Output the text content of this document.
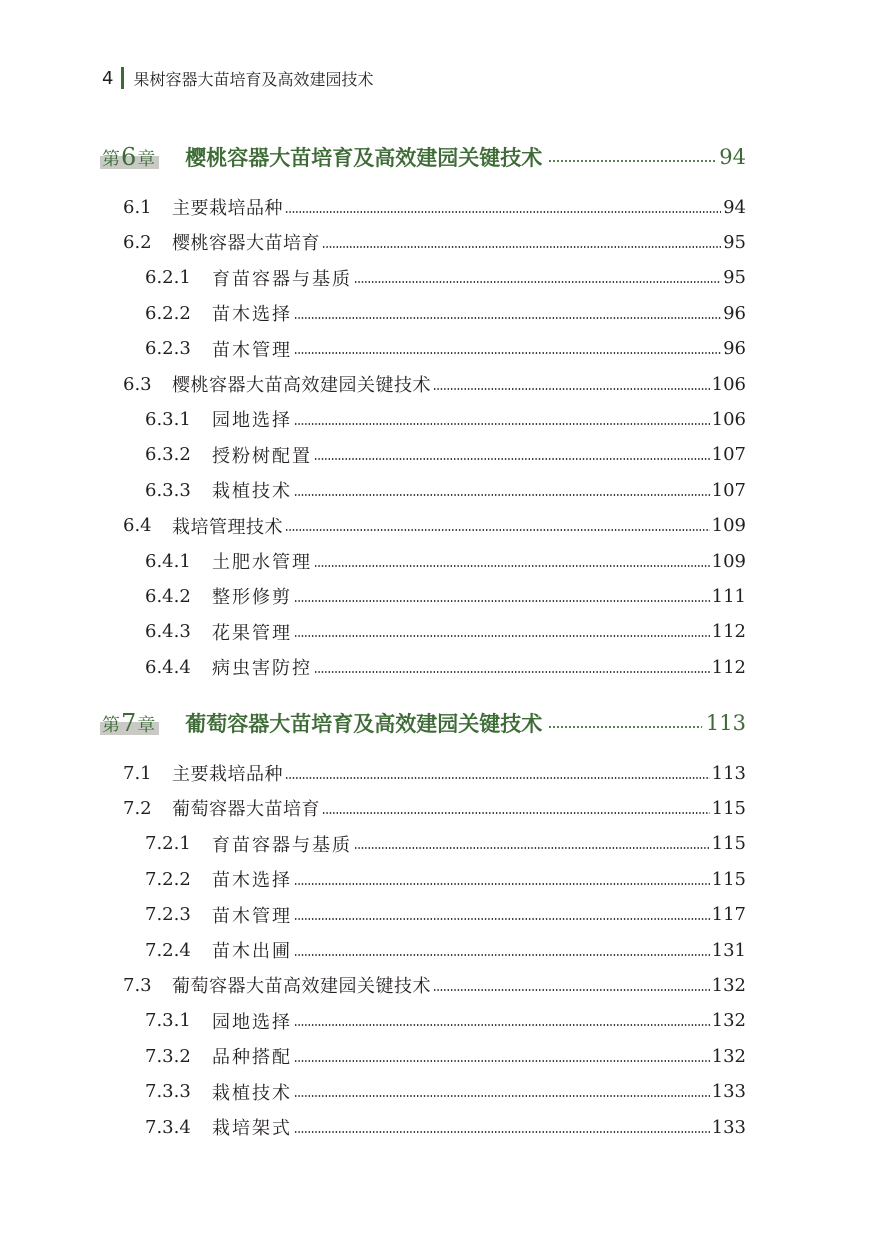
4 果树容器大苗培育及高效建园技术
第 6 章 樱桃容器大苗培育及高效建园关键技术	94
6.1	主要栽培品种	94
6.2	樱桃容器大苗培育	95
6.2.1	育苗容器与基质	95
6.2.2	苗木选择	96
6.2.3	苗木管理	96
6.3	樱桃容器大苗高效建园关键技术	106
6.3.1	园地选择	106
6.3.2	授粉树配置	107
6.3.3	栽植技术	107
6.4	栽培管理技术	109
6.4.1	土肥水管理	109
6.4.2	整形修剪	111
6.4.3	花果管理	112
6.4.4	病虫害防控	112
第 7 章 葡萄容器大苗培育及高效建园关键技术	113
7.1	主要栽培品种	113
7.2	葡萄容器大苗培育	115
7.2.1	育苗容器与基质	115
7.2.2	苗木选择	115
7.2.3	苗木管理	117
7.2.4	苗木出圃	131
7.3	葡萄容器大苗高效建园关键技术	132
7.3.1	园地选择	132
7.3.2	品种搭配	132
7.3.3	栽植技术	133
7.3.4	栽培架式	133
